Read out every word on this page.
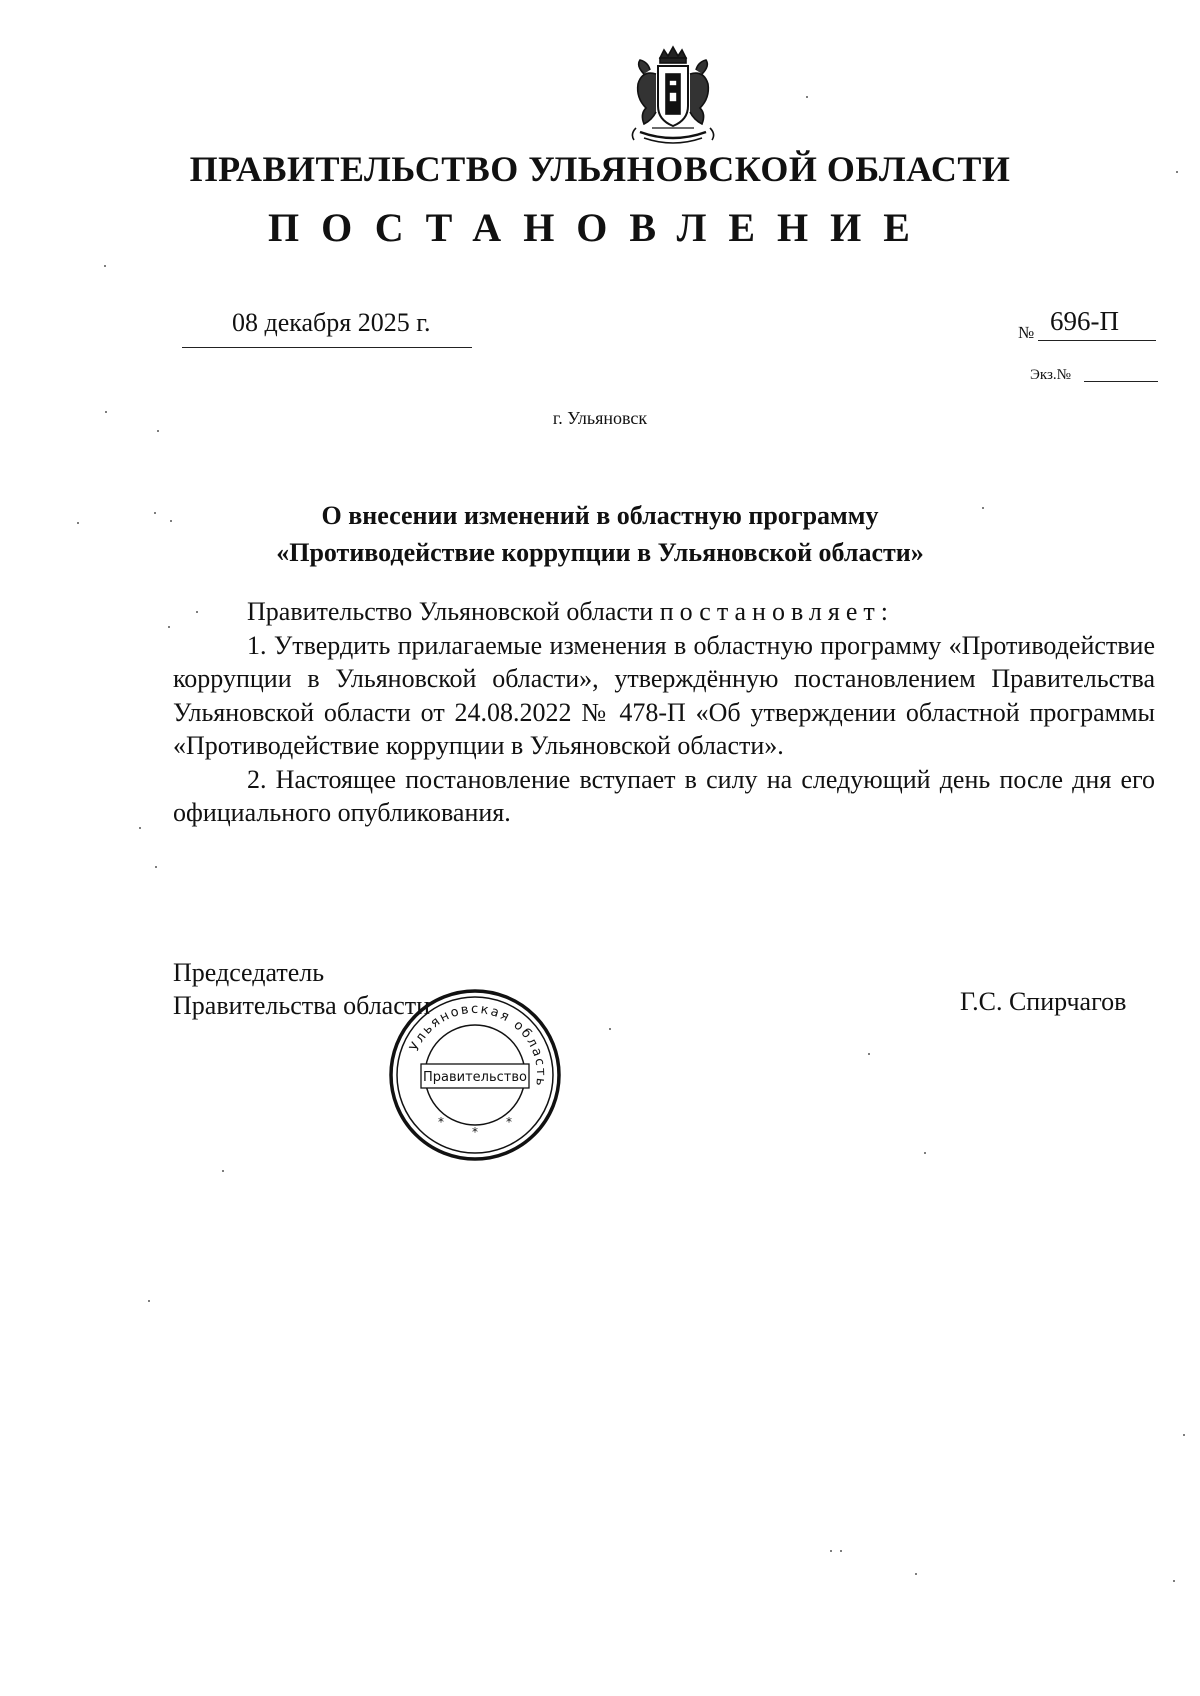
ПРАВИТЕЛЬСТВО УЛЬЯНОВСКОЙ ОБЛАСТИ
ПОСТАНОВЛЕНИЕ
08 декабря 2025 г.	№ 696-П
Экз.№
г. Ульяновск
О внесении изменений в областную программу
«Противодействие коррупции в Ульяновской области»

Правительство Ульяновской области постановляет:

1. Утвердить прилагаемые изменения в областную программу «Противодействие коррупции в Ульяновской области», утверждённую постановлением Правительства Ульяновской области от 24.08.2022 № 478-П «Об утверждении областной программы «Противодействие коррупции в Ульяновской области».

2. Настоящее постановление вступает в силу на следующий день после дня его официального опубликования.

Председатель
Правительства области	Г.С. Спирчагов
Ульяновская область
Правительство
*
*
*
